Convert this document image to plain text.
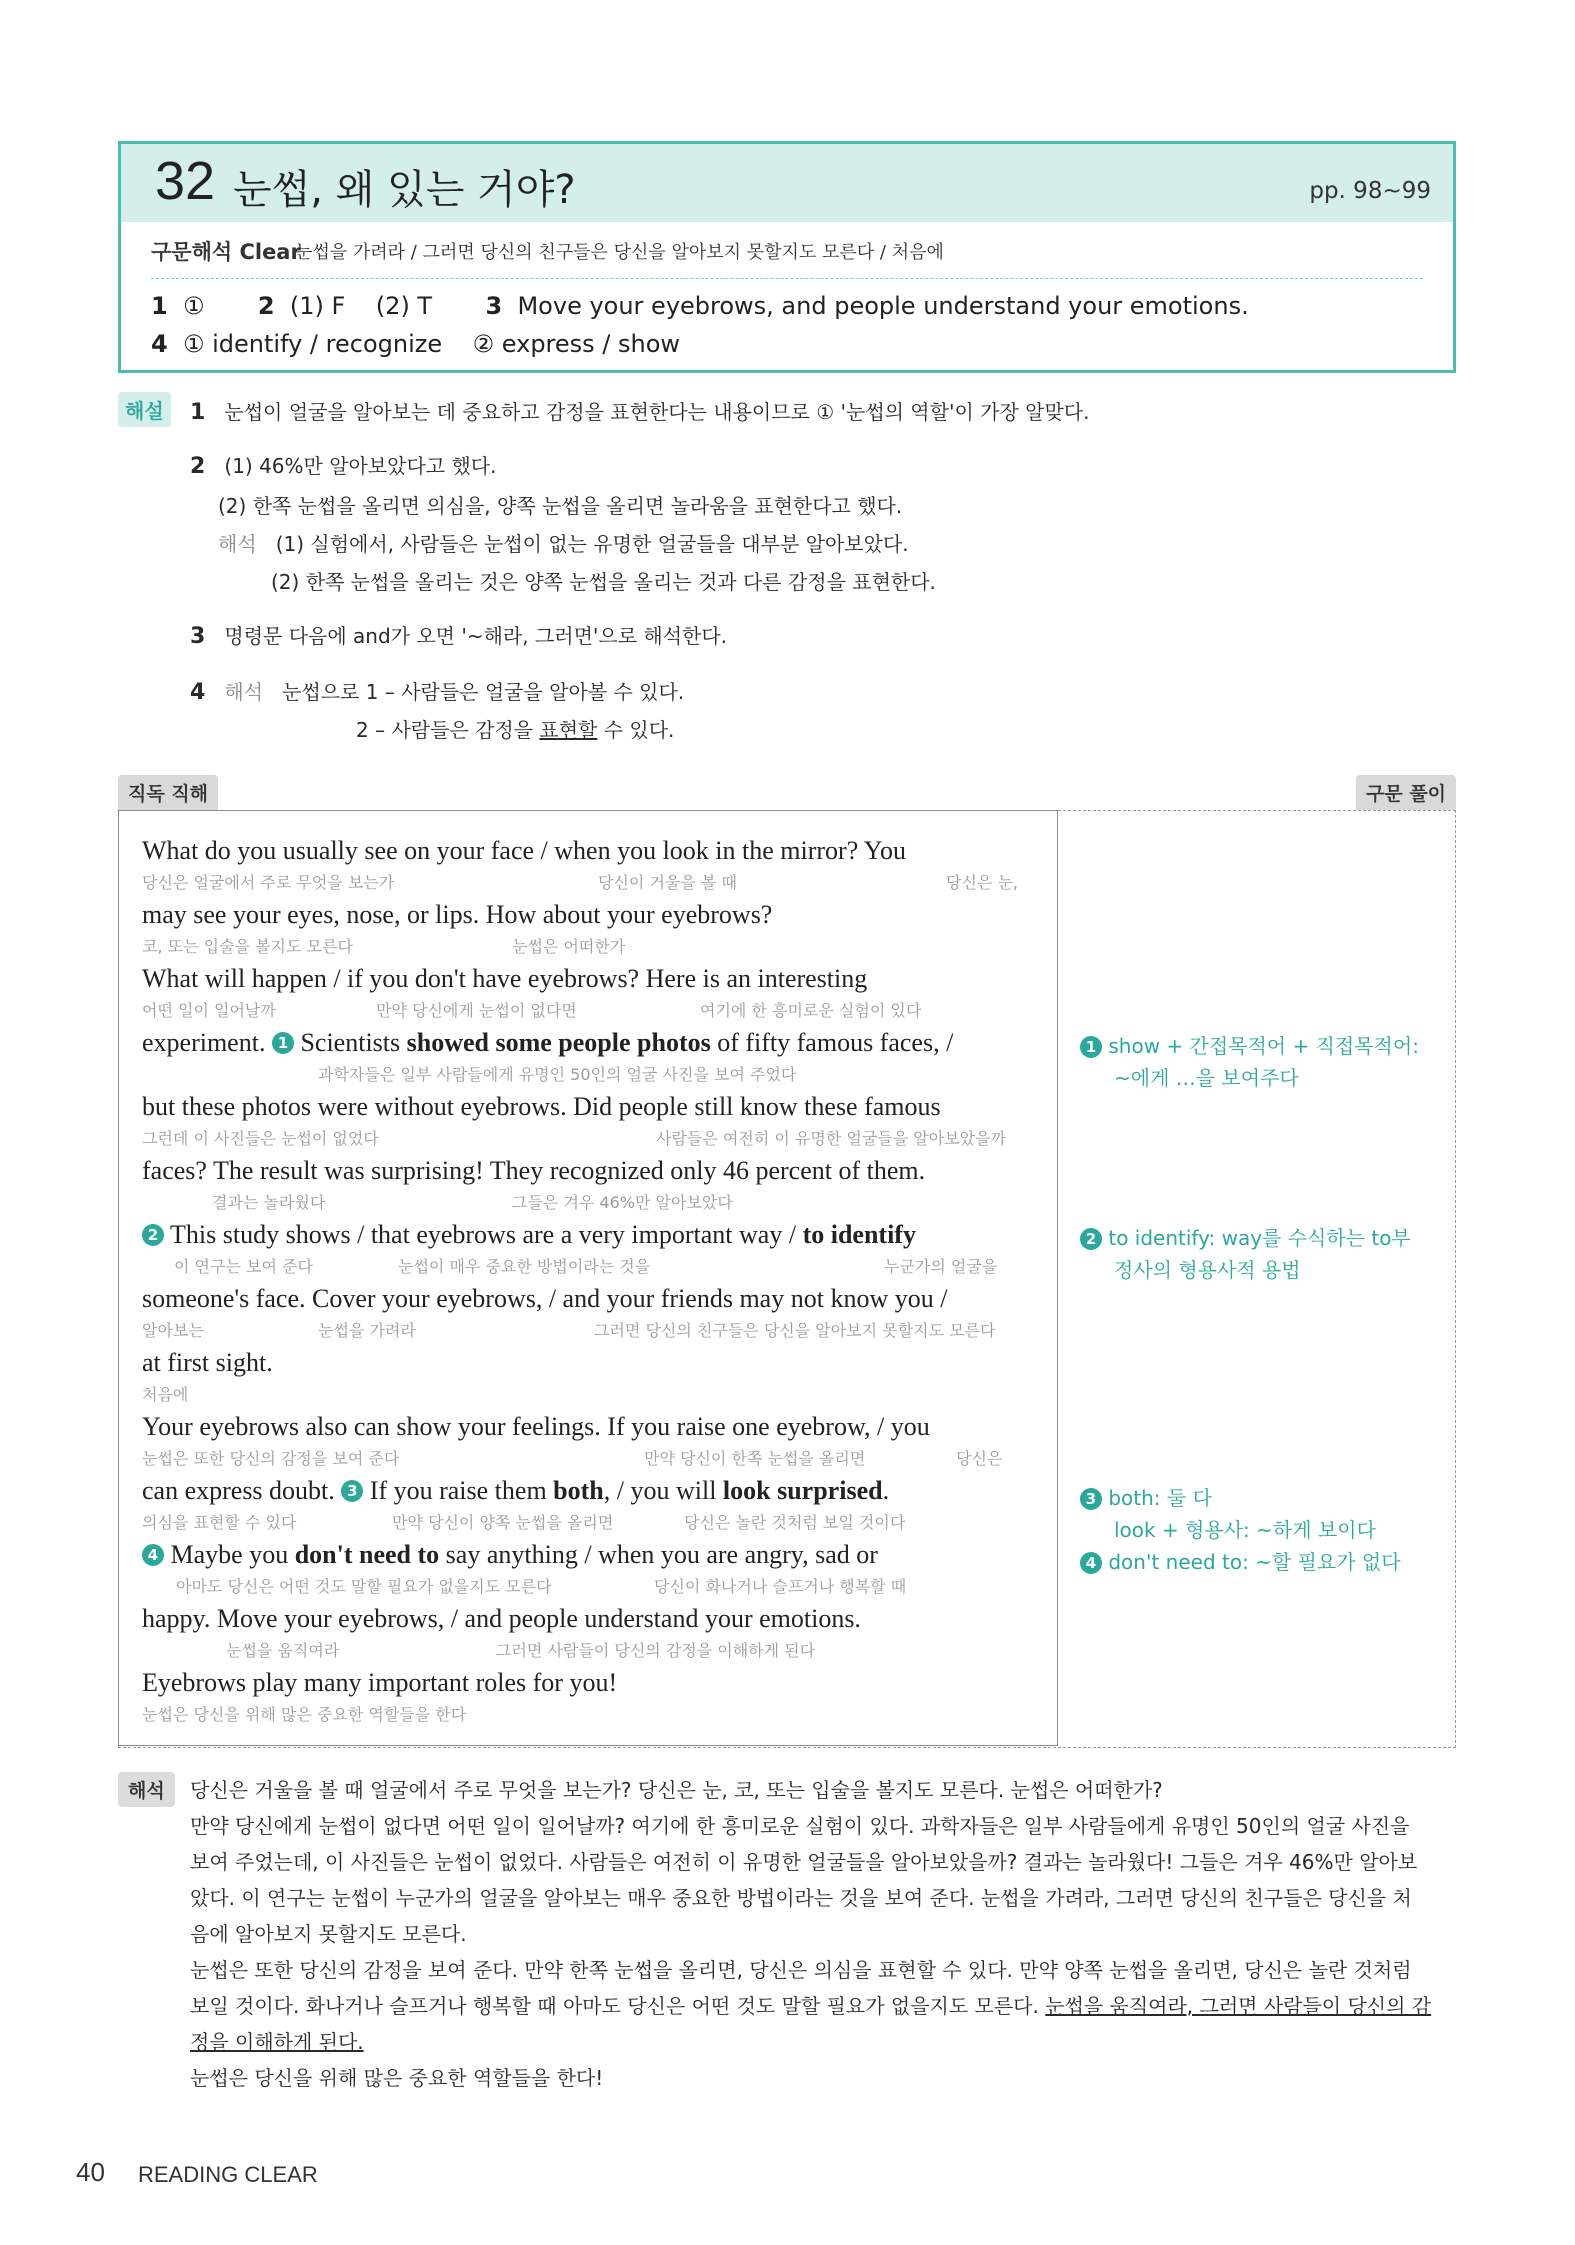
32 눈썹, 왜 있는 거야?	pp. 98~99
구문해석 Clear
눈썹을 가려라 / 그러면 당신의 친구들은 당신을 알아보지 못할지도 모른다 / 처음에
1 ① 2 (1) F    (2) T 3 Move your eyebrows, and people understand your emotions.
4 ① identify / recognize    ② express / show
해설	1 눈썹이 얼굴을 알아보는 데 중요하고 감정을 표현한다는 내용이므로 ① '눈썹의 역할'이 가장 알맞다.
2 (1) 46%만 알아보았다고 했다.
(2) 한쪽 눈썹을 올리면 의심을, 양쪽 눈썹을 올리면 놀라움을 표현한다고 했다.
해석 (1) 실험에서, 사람들은 눈썹이 없는 유명한 얼굴들을 대부분 알아보았다.
(2) 한쪽 눈썹을 올리는 것은 양쪽 눈썹을 올리는 것과 다른 감정을 표현한다.
3 명령문 다음에 and가 오면 '~해라, 그러면'으로 해석한다.
4 해석 눈썹으로 1 – 사람들은 얼굴을 알아볼 수 있다.
2 – 사람들은 감정을 표현할 수 있다.
직독 직해	구문 풀이
What do you usually see on your face / when you look in the mirror? You
당신은 얼굴에서 주로 무엇을 보는가	당신이 거울을 볼 때	당신은 눈,
may see your eyes, nose, or lips. How about your eyebrows?
코, 또는 입술을 볼지도 모른다	눈썹은 어떠한가
What will happen / if you don't have eyebrows? Here is an interesting
어떤 일이 일어날까	만약 당신에게 눈썹이 없다면	여기에 한 흥미로운 실험이 있다
experiment. 1 Scientists showed some people photos of fifty famous faces, /
과학자들은 일부 사람들에게 유명인 50인의 얼굴 사진을 보여 주었다
but these photos were without eyebrows. Did people still know these famous
그런데 이 사진들은 눈썹이 없었다	사람들은 여전히 이 유명한 얼굴들을 알아보았을까
faces? The result was surprising! They recognized only 46 percent of them.
결과는 놀라웠다	그들은 겨우 46%만 알아보았다
2 This study shows / that eyebrows are a very important way / to identify
이 연구는 보여 준다	눈썹이 매우 중요한 방법이라는 것을	누군가의 얼굴을
someone's face. Cover your eyebrows, / and your friends may not know you /
알아보는	눈썹을 가려라	그러면 당신의 친구들은 당신을 알아보지 못할지도 모른다
at first sight.
처음에
Your eyebrows also can show your feelings. If you raise one eyebrow, / you
눈썹은 또한 당신의 감정을 보여 준다	만약 당신이 한쪽 눈썹을 올리면	당신은
can express doubt. 3 If you raise them both, / you will look surprised.
의심을 표현할 수 있다	만약 당신이 양쪽 눈썹을 올리면	당신은 놀란 것처럼 보일 것이다
4 Maybe you don't need to say anything / when you are angry, sad or
아마도 당신은 어떤 것도 말할 필요가 없을지도 모른다	당신이 화나거나 슬프거나 행복할 때
happy. Move your eyebrows, / and people understand your emotions.
눈썹을 움직여라	그러면 사람들이 당신의 감정을 이해하게 된다
Eyebrows play many important roles for you!
눈썹은 당신을 위해 많은 중요한 역할들을 한다
1 show + 간접목적어 + 직접목적어:
~에게 …을 보여주다
2 to identify: way를 수식하는 to부
정사의 형용사적 용법
3 both: 둘 다
look + 형용사: ~하게 보이다
4 don't need to: ~할 필요가 없다
해석	당신은 거울을 볼 때 얼굴에서 주로 무엇을 보는가? 당신은 눈, 코, 또는 입술을 볼지도 모른다. 눈썹은 어떠한가?
만약 당신에게 눈썹이 없다면 어떤 일이 일어날까? 여기에 한 흥미로운 실험이 있다. 과학자들은 일부 사람들에게 유명인 50인의 얼굴 사진을
보여 주었는데, 이 사진들은 눈썹이 없었다. 사람들은 여전히 이 유명한 얼굴들을 알아보았을까? 결과는 놀라웠다! 그들은 겨우 46%만 알아보
았다. 이 연구는 눈썹이 누군가의 얼굴을 알아보는 매우 중요한 방법이라는 것을 보여 준다. 눈썹을 가려라, 그러면 당신의 친구들은 당신을 처
음에 알아보지 못할지도 모른다.
눈썹은 또한 당신의 감정을 보여 준다. 만약 한쪽 눈썹을 올리면, 당신은 의심을 표현할 수 있다. 만약 양쪽 눈썹을 올리면, 당신은 놀란 것처럼
보일 것이다. 화나거나 슬프거나 행복할 때 아마도 당신은 어떤 것도 말할 필요가 없을지도 모른다. 눈썹을 움직여라, 그러면 사람들이 당신의 감
정을 이해하게 된다.
눈썹은 당신을 위해 많은 중요한 역할들을 한다!
40 READING CLEAR
